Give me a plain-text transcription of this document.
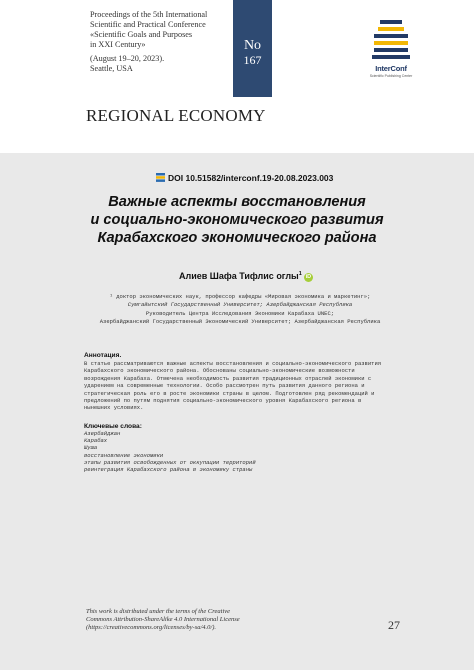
Proceedings of the 5th International
Scientific and Practical Conference
«Scientific Goals and Purposes
in XXI Century»
(August 19–20, 2023).
Seattle, USA
No
167
InterConf
Scientific Publishing Center
REGIONAL ECONOMY
DOI 10.51582/interconf.19-20.08.2023.003
Важные аспекты восстановления
и социально-экономического развития
Карабахского экономического района
Алиев Шафа Тифлис оглы$^1$ iD
¹ доктор экономических наук, профессор кафедры «Мировая экономика и маркетинг»;
Сумгайытский Государственный Университет; Азербайджанская Республика
Руководитель Центра Исследования Экономики Карабаха UNEC;
Азербайджанский Государственный Экономический Университет; Азербайджанская Республика
Аннотация.
В статье рассматриваются важные аспекты восстановления и социально-экономического развития
Карабахского экономического района. Обоснованы социально-экономические возможности
возрождения Карабаха. Отмечена необходимость развития традиционных отраслей экономики с
ударением на современные технологии. Особо рассмотрен путь развития данного региона и
стратегическая роль его в росте экономики страны в целом. Подготовлен ряд рекомендаций и
предложений по путям поднятия социально-экономического уровня Карабахского региона в
нынешних условиях.
Ключевые слова:
Азербайджан
Карабах
Шуша
восстановление экономики
этапы развития освобожденных от оккупации территорий
реинтеграция Карабахского района в экономику страны
This work is distributed under the terms of the Creative
Commons Attribution-ShareAlike 4.0 International License
(https://creativecommons.org/licenses/by-sa/4.0/).	27
